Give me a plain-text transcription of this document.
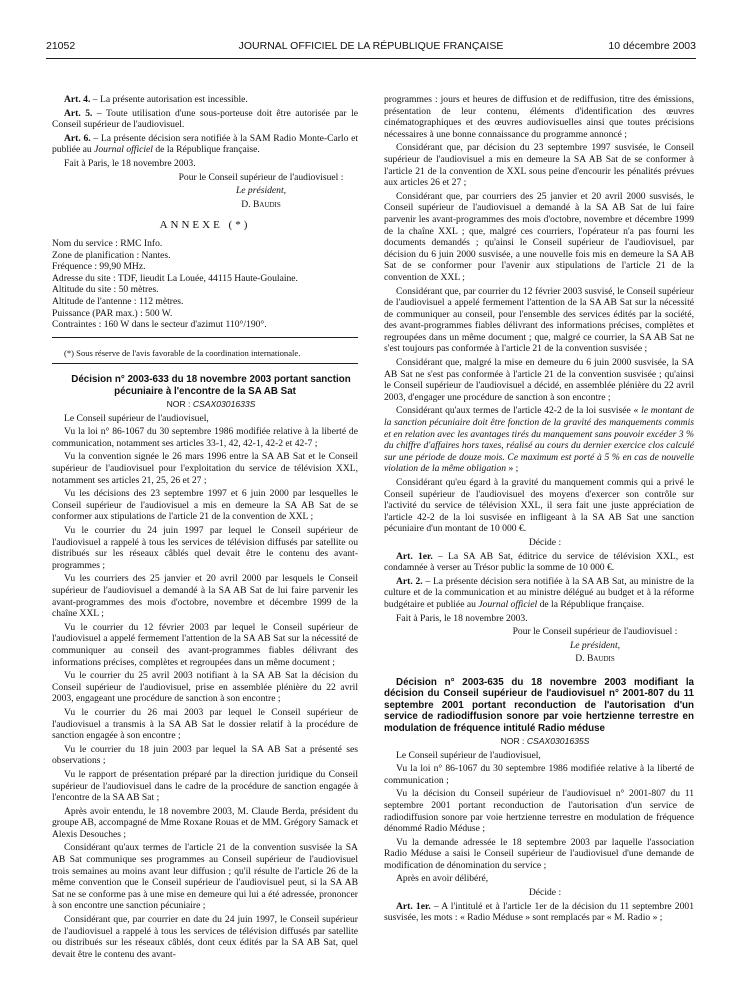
21052	JOURNAL OFFICIEL DE LA RÉPUBLIQUE FRANÇAISE	10 décembre 2003

Art. 4. – La présente autorisation est incessible.

Art. 5. – Toute utilisation d'une sous-porteuse doit être autorisée par le Conseil supérieur de l'audiovisuel.

Art. 6. – La présente décision sera notifiée à la SAM Radio Monte-Carlo et publiée au Journal officiel de la République française.

Fait à Paris, le 18 novembre 2003.

Pour le Conseil supérieur de l'audiovisuel :

Le président,

D. Baudis

ANNEXE (*)
Nom du service : RMC Info.
Zone de planification : Nantes.
Fréquence : 99,90 MHz.
Adresse du site : TDF, lieudit La Louée, 44115 Haute-Goulaine.
Altitude du site : 50 mètres.
Altitude de l'antenne : 112 mètres.
Puissance (PAR max.) : 500 W.
Contraintes : 160 W dans le secteur d'azimut 110°/190°.

(*) Sous réserve de l'avis favorable de la coordination internationale.

Décision n° 2003-633 du 18 novembre 2003 portant sanction pécuniaire à l'encontre de la SA AB Sat

NOR : CSAX0301633S

Le Conseil supérieur de l'audiovisuel,

Vu la loi n° 86-1067 du 30 septembre 1986 modifiée relative à la liberté de communication, notamment ses articles 33-1, 42, 42-1, 42-2 et 42-7 ;

Vu la convention signée le 26 mars 1996 entre la SA AB Sat et le Conseil supérieur de l'audiovisuel pour l'exploitation du service de télévision XXL, notamment ses articles 21, 25, 26 et 27 ;

Vu les décisions des 23 septembre 1997 et 6 juin 2000 par lesquelles le Conseil supérieur de l'audiovisuel a mis en demeure la SA AB Sat de se conformer aux stipulations de l'article 21 de la convention de XXL ;

Vu le courrier du 24 juin 1997 par lequel le Conseil supérieur de l'audiovisuel a rappelé à tous les services de télévision diffusés par satellite ou distribués sur les réseaux câblés quel devait être le contenu des avant-programmes ;

Vu les courriers des 25 janvier et 20 avril 2000 par lesquels le Conseil supérieur de l'audiovisuel a demandé à la SA AB Sat de lui faire parvenir les avant-programmes des mois d'octobre, novembre et décembre 1999 de la chaîne XXL ;

Vu le courrier du 12 février 2003 par lequel le Conseil supérieur de l'audiovisuel a appelé fermement l'attention de la SA AB Sat sur la nécessité de communiquer au conseil des avant-programmes fiables délivrant des informations précises, complètes et regroupées dans un même document ;

Vu le courrier du 25 avril 2003 notifiant à la SA AB Sat la décision du Conseil supérieur de l'audiovisuel, prise en assemblée plénière du 22 avril 2003, engageant une procédure de sanction à son encontre ;

Vu le courrier du 26 mai 2003 par lequel le Conseil supérieur de l'audiovisuel a transmis à la SA AB Sat le dossier relatif à la procédure de sanction engagée à son encontre ;

Vu le courrier du 18 juin 2003 par lequel la SA AB Sat a présenté ses observations ;

Vu le rapport de présentation préparé par la direction juridique du Conseil supérieur de l'audiovisuel dans le cadre de la procédure de sanction engagée à l'encontre de la SA AB Sat ;

Après avoir entendu, le 18 novembre 2003, M. Claude Berda, président du groupe AB, accompagné de Mme Roxane Rouas et de MM. Grégory Samack et Alexis Desouches ;

Considérant qu'aux termes de l'article 21 de la convention susvisée la SA AB Sat communique ses programmes au Conseil supérieur de l'audiovisuel trois semaines au moins avant leur diffusion ; qu'il résulte de l'article 26 de la même convention que le Conseil supérieur de l'audiovisuel peut, si la SA AB Sat ne se conforme pas à une mise en demeure qui lui a été adressée, prononcer à son encontre une sanction pécuniaire ;

Considérant que, par courrier en date du 24 juin 1997, le Conseil supérieur de l'audiovisuel a rappelé à tous les services de télévision diffusés par satellite ou distribués sur les réseaux câblés, dont ceux édités par la SA AB Sat, quel devait être le contenu des avant-

programmes : jours et heures de diffusion et de rediffusion, titre des émissions, présentation de leur contenu, éléments d'identification des œuvres cinématographiques et des œuvres audiovisuelles ainsi que toutes précisions nécessaires à une bonne connaissance du programme annoncé ;

Considérant que, par décision du 23 septembre 1997 susvisée, le Conseil supérieur de l'audiovisuel a mis en demeure la SA AB Sat de se conformer à l'article 21 de la convention de XXL sous peine d'encourir les pénalités prévues aux articles 26 et 27 ;

Considérant que, par courriers des 25 janvier et 20 avril 2000 susvisés, le Conseil supérieur de l'audiovisuel a demandé à la SA AB Sat de lui faire parvenir les avant-programmes des mois d'octobre, novembre et décembre 1999 de la chaîne XXL ; que, malgré ces courriers, l'opérateur n'a pas fourni les documents demandés ; qu'ainsi le Conseil supérieur de l'audiovisuel, par décision du 6 juin 2000 susvisée, a une nouvelle fois mis en demeure la SA AB Sat de se conformer pour l'avenir aux stipulations de l'article 21 de la convention de XXL ;

Considérant que, par courrier du 12 février 2003 susvisé, le Conseil supérieur de l'audiovisuel a appelé fermement l'attention de la SA AB Sat sur la nécessité de communiquer au conseil, pour l'ensemble des services édités par la société, des avant-programmes fiables délivrant des informations précises, complètes et regroupées dans un même document ; que, malgré ce courrier, la SA AB Sat ne s'est toujours pas conformée à l'article 21 de la convention susvisée ;

Considérant que, malgré la mise en demeure du 6 juin 2000 susvisée, la SA AB Sat ne s'est pas conformée à l'article 21 de la convention susvisée ; qu'ainsi le Conseil supérieur de l'audiovisuel a décidé, en assemblée plénière du 22 avril 2003, d'engager une procédure de sanction à son encontre ;

Considérant qu'aux termes de l'article 42-2 de la loi susvisée « le montant de la sanction pécuniaire doit être fonction de la gravité des manquements commis et en relation avec les avantages tirés du manquement sans pouvoir excéder 3 % du chiffre d'affaires hors taxes, réalisé au cours du dernier exercice clos calculé sur une période de douze mois. Ce maximum est porté à 5 % en cas de nouvelle violation de la même obligation » ;

Considérant qu'eu égard à la gravité du manquement commis qui a privé le Conseil supérieur de l'audiovisuel des moyens d'exercer son contrôle sur l'activité du service de télévision XXL, il sera fait une juste appréciation de l'article 42-2 de la loi susvisée en infligeant à la SA AB Sat une sanction pécuniaire d'un montant de 10 000 €.

Décide :

Art. 1er. – La SA AB Sat, éditrice du service de télévision XXL, est condamnée à verser au Trésor public la somme de 10 000 €.

Art. 2. – La présente décision sera notifiée à la SA AB Sat, au ministre de la culture et de la communication et au ministre délégué au budget et à la réforme budgétaire et publiée au Journal officiel de la République française.

Fait à Paris, le 18 novembre 2003.

Pour le Conseil supérieur de l'audiovisuel :

Le président,

D. Baudis

Décision n° 2003-635 du 18 novembre 2003 modifiant la décision du Conseil supérieur de l'audiovisuel n° 2001-807 du 11 septembre 2001 portant reconduction de l'autorisation d'un service de radiodiffusion sonore par voie hertzienne terrestre en modulation de fréquence intitulé Radio méduse

NOR : CSAX0301635S

Le Conseil supérieur de l'audiovisuel,

Vu la loi n° 86-1067 du 30 septembre 1986 modifiée relative à la liberté de communication ;

Vu la décision du Conseil supérieur de l'audiovisuel n° 2001-807 du 11 septembre 2001 portant reconduction de l'autorisation d'un service de radiodiffusion sonore par voie hertzienne terrestre en modulation de fréquence dénommé Radio Méduse ;

Vu la demande adressée le 18 septembre 2003 par laquelle l'association Radio Méduse a saisi le Conseil supérieur de l'audiovisuel d'une demande de modification de dénomination du service ;

Après en avoir délibéré,

Décide :

Art. 1er. – A l'intitulé et à l'article 1er de la décision du 11 septembre 2001 susvisée, les mots : « Radio Méduse » sont remplacés par « M. Radio » ;
